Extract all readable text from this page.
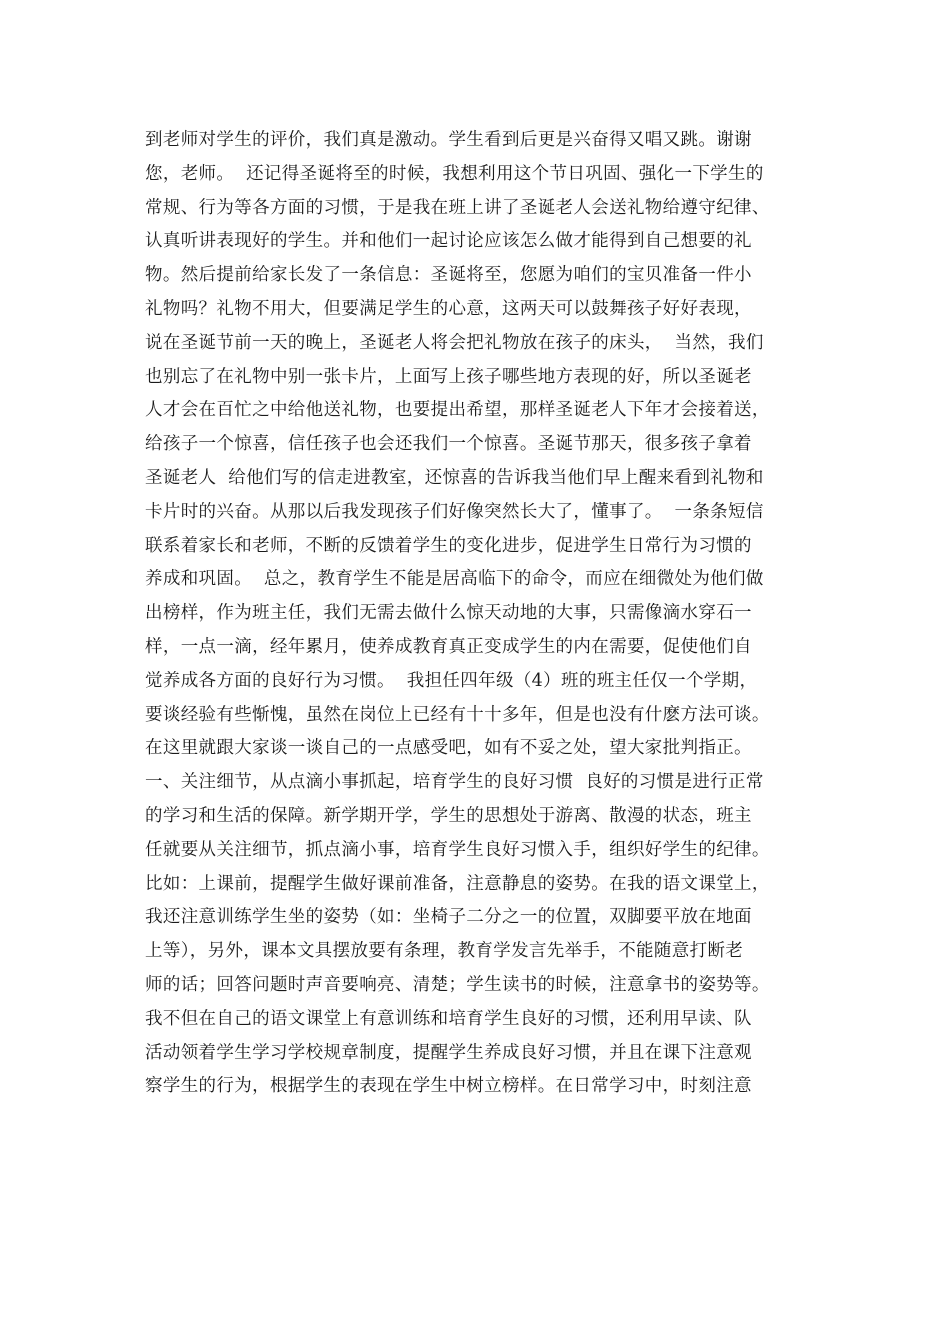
到老师对学生的评价，我们真是激动。学生看到后更是兴奋得又唱又跳。谢谢
您，老师。  还记得圣诞将至的时候，我想利用这个节日巩固、强化一下学生的
常规、行为等各方面的习惯，于是我在班上讲了圣诞老人会送礼物给遵守纪律、
认真听讲表现好的学生。并和他们一起讨论应该怎么做才能得到自己想要的礼
物。然后提前给家长发了一条信息：圣诞将至，您愿为咱们的宝贝准备一件小
礼物吗？礼物不用大，但要满足学生的心意，这两天可以鼓舞孩子好好表现，
说在圣诞节前一天的晚上，圣诞老人将会把礼物放在孩子的床头，  当然，我们
也别忘了在礼物中别一张卡片，上面写上孩子哪些地方表现的好，所以圣诞老
人才会在百忙之中给他送礼物，也要提出希望，那样圣诞老人下年才会接着送，
给孩子一个惊喜，信任孩子也会还我们一个惊喜。圣诞节那天，很多孩子拿着
圣诞老人  给他们写的信走进教室，还惊喜的告诉我当他们早上醒来看到礼物和
卡片时的兴奋。从那以后我发现孩子们好像突然长大了，懂事了。  一条条短信
联系着家长和老师，不断的反馈着学生的变化进步，促进学生日常行为习惯的
养成和巩固。  总之，教育学生不能是居高临下的命令，而应在细微处为他们做
出榜样，作为班主任，我们无需去做什么惊天动地的大事，只需像滴水穿石一
样，一点一滴，经年累月，使养成教育真正变成学生的内在需要，促使他们自
觉养成各方面的良好行为习惯。  我担任四年级（4）班的班主任仅一个学期，
要谈经验有些惭愧，虽然在岗位上已经有十十多年，但是也没有什麽方法可谈。
在这里就跟大家谈一谈自己的一点感受吧，如有不妥之处，望大家批判指正。
一、关注细节，从点滴小事抓起，培育学生的良好习惯  良好的习惯是进行正常
的学习和生活的保障。新学期开学，学生的思想处于游离、散漫的状态，班主
任就要从关注细节，抓点滴小事，培育学生良好习惯入手，组织好学生的纪律。
比如：上课前，提醒学生做好课前准备，注意静息的姿势。在我的语文课堂上，
我还注意训练学生坐的姿势（如：坐椅子二分之一的位置，双脚要平放在地面
上等），另外，课本文具摆放要有条理，教育学发言先举手，不能随意打断老
师的话；回答问题时声音要响亮、清楚；学生读书的时候，注意拿书的姿势等。
我不但在自己的语文课堂上有意训练和培育学生良好的习惯，还利用早读、队
活动领着学生学习学校规章制度，提醒学生养成良好习惯，并且在课下注意观
察学生的行为，根据学生的表现在学生中树立榜样。在日常学习中，时刻注意
